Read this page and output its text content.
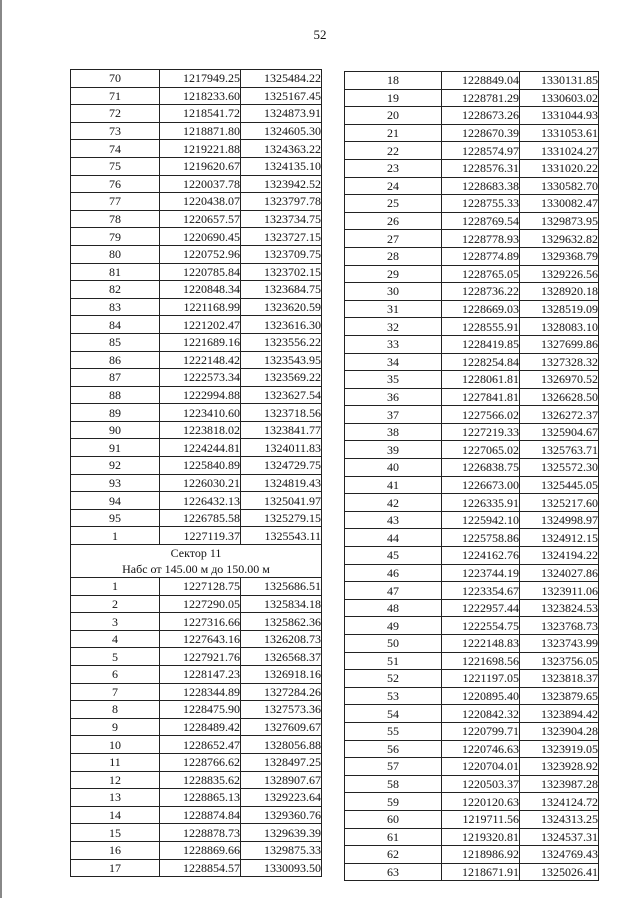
52
70	1217949.25	1325484.22
71	1218233.60	1325167.45
72	1218541.72	1324873.91
73	1218871.80	1324605.30
74	1219221.88	1324363.22
75	1219620.67	1324135.10
76	1220037.78	1323942.52
77	1220438.07	1323797.78
78	1220657.57	1323734.75
79	1220690.45	1323727.15
80	1220752.96	1323709.75
81	1220785.84	1323702.15
82	1220848.34	1323684.75
83	1221168.99	1323620.59
84	1221202.47	1323616.30
85	1221689.16	1323556.22
86	1222148.42	1323543.95
87	1222573.34	1323569.22
88	1222994.88	1323627.54
89	1223410.60	1323718.56
90	1223818.02	1323841.77
91	1224244.81	1324011.83
92	1225840.89	1324729.75
93	1226030.21	1324819.43
94	1226432.13	1325041.97
95	1226785.58	1325279.15
1	1227119.37	1325543.11

Сектор 11
Набс от 145.00 м до 150.00 м		

1	1227128.75	1325686.51
2	1227290.05	1325834.18
3	1227316.66	1325862.36
4	1227643.16	1326208.73
5	1227921.76	1326568.37
6	1228147.23	1326918.16
7	1228344.89	1327284.26
8	1228475.90	1327573.36
9	1228489.42	1327609.67
10	1228652.47	1328056.88
11	1228766.62	1328497.25
12	1228835.62	1328907.67
13	1228865.13	1329223.64
14	1228874.84	1329360.76
15	1228878.73	1329639.39
16	1228869.66	1329875.33
17	1228854.57	1330093.50
18	1228849.04	1330131.85
19	1228781.29	1330603.02
20	1228673.26	1331044.93
21	1228670.39	1331053.61
22	1228574.97	1331024.27
23	1228576.31	1331020.22
24	1228683.38	1330582.70
25	1228755.33	1330082.47
26	1228769.54	1329873.95
27	1228778.93	1329632.82
28	1228774.89	1329368.79
29	1228765.05	1329226.56
30	1228736.22	1328920.18
31	1228669.03	1328519.09
32	1228555.91	1328083.10
33	1228419.85	1327699.86
34	1228254.84	1327328.32
35	1228061.81	1326970.52
36	1227841.81	1326628.50
37	1227566.02	1326272.37
38	1227219.33	1325904.67
39	1227065.02	1325763.71
40	1226838.75	1325572.30
41	1226673.00	1325445.05
42	1226335.91	1325217.60
43	1225942.10	1324998.97
44	1225758.86	1324912.15
45	1224162.76	1324194.22
46	1223744.19	1324027.86
47	1223354.67	1323911.06
48	1222957.44	1323824.53
49	1222554.75	1323768.73
50	1222148.83	1323743.99
51	1221698.56	1323756.05
52	1221197.05	1323818.37
53	1220895.40	1323879.65
54	1220842.32	1323894.42
55	1220799.71	1323904.28
56	1220746.63	1323919.05
57	1220704.01	1323928.92
58	1220503.37	1323987.28
59	1220120.63	1324124.72
60	1219711.56	1324313.25
61	1219320.81	1324537.31
62	1218986.92	1324769.43
63	1218671.91	1325026.41
